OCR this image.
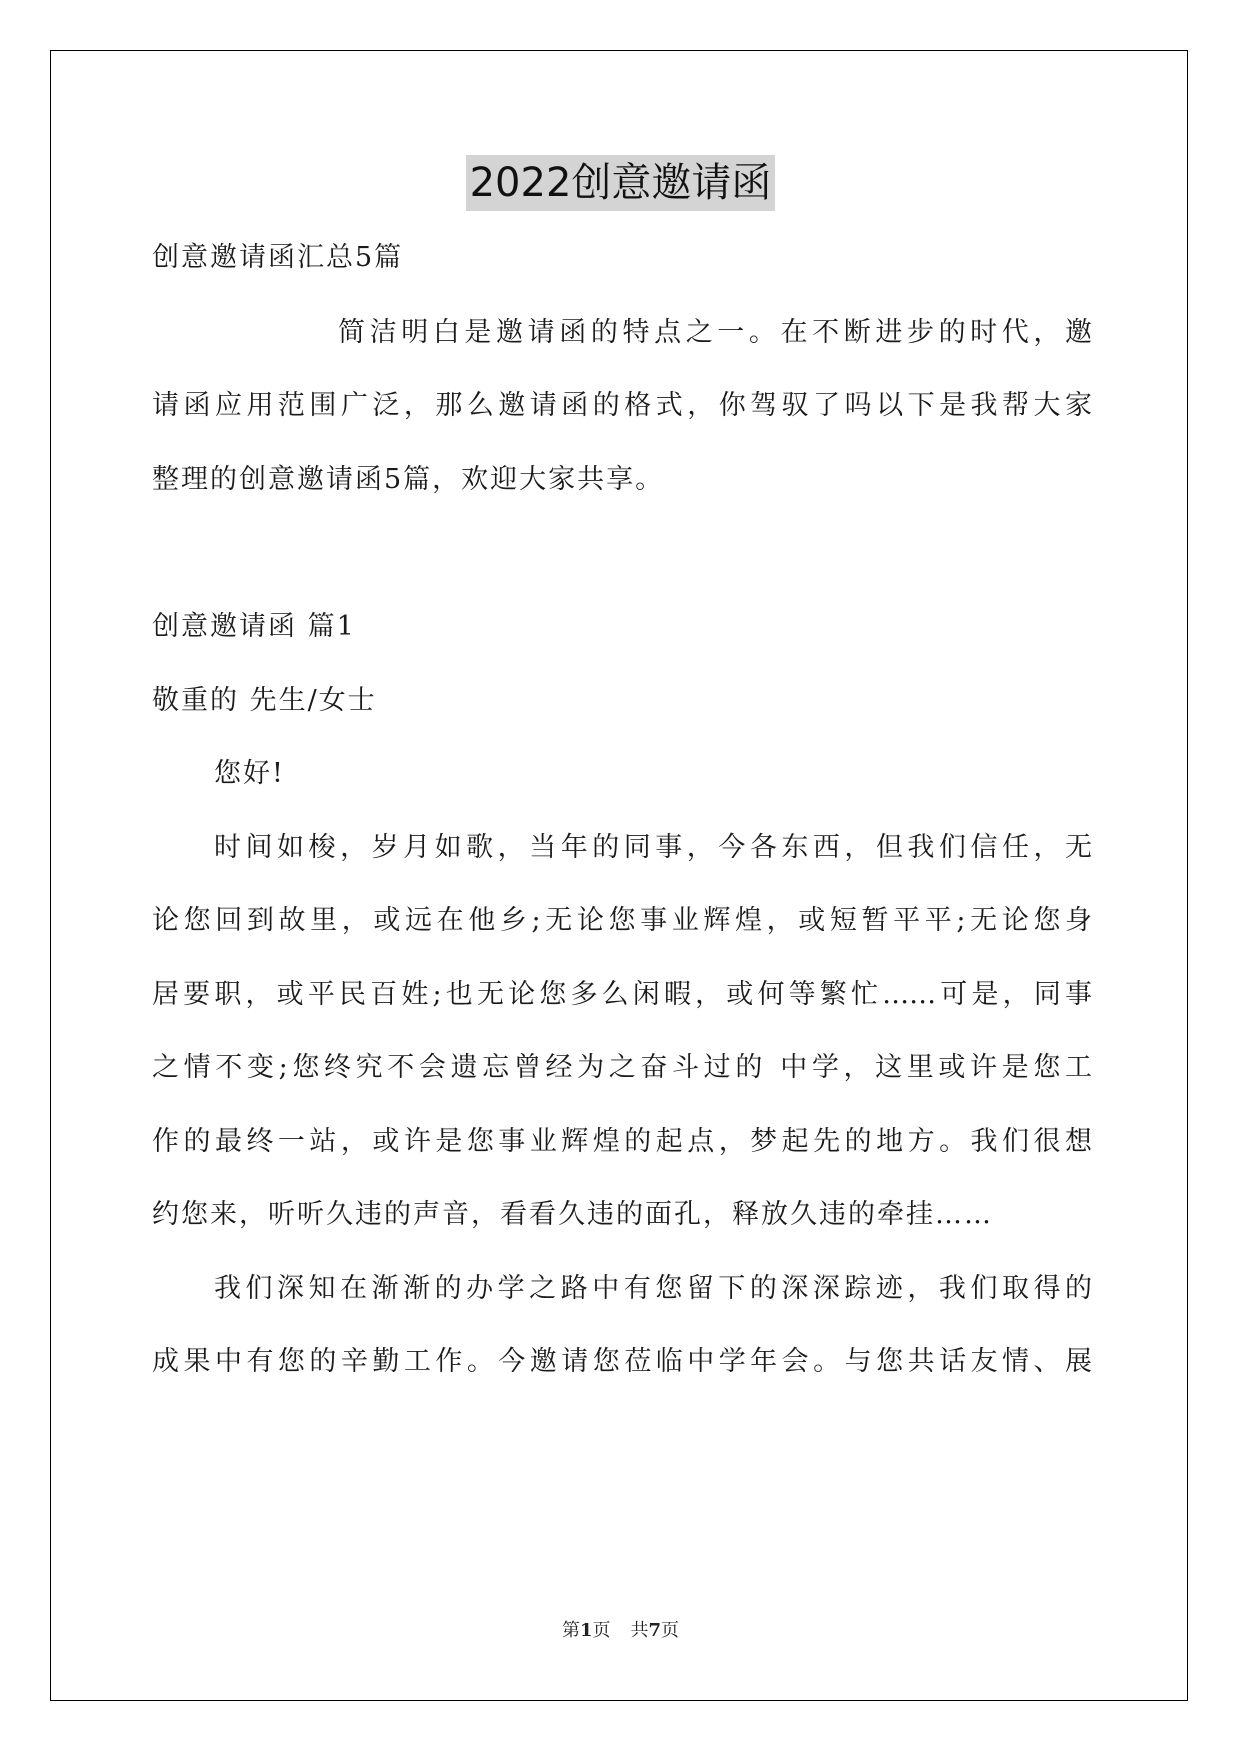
2022创意邀请函
创意邀请函汇总5篇
简洁明白是邀请函的特点之一。在不断进步的时代，邀
请函应用范围广泛，那么邀请函的格式，你驾驭了吗以下是我帮大家
整理的创意邀请函5篇，欢迎大家共享。
创意邀请函 篇1
敬重的 先生/女士
您好!
时间如梭，岁月如歌，当年的同事，今各东西，但我们信任，无
论您回到故里，或远在他乡;无论您事业辉煌，或短暂平平;无论您身
居要职，或平民百姓;也无论您多么闲暇，或何等繁忙……可是，同事
之情不变;您终究不会遗忘曾经为之奋斗过的 中学，这里或许是您工
作的最终一站，或许是您事业辉煌的起点，梦起先的地方。我们很想
约您来，听听久违的声音，看看久违的面孔，释放久违的牵挂……
我们深知在渐渐的办学之路中有您留下的深深踪迹，我们取得的
成果中有您的辛勤工作。今邀请您莅临中学年会。与您共话友情、展
第1页 共7页
